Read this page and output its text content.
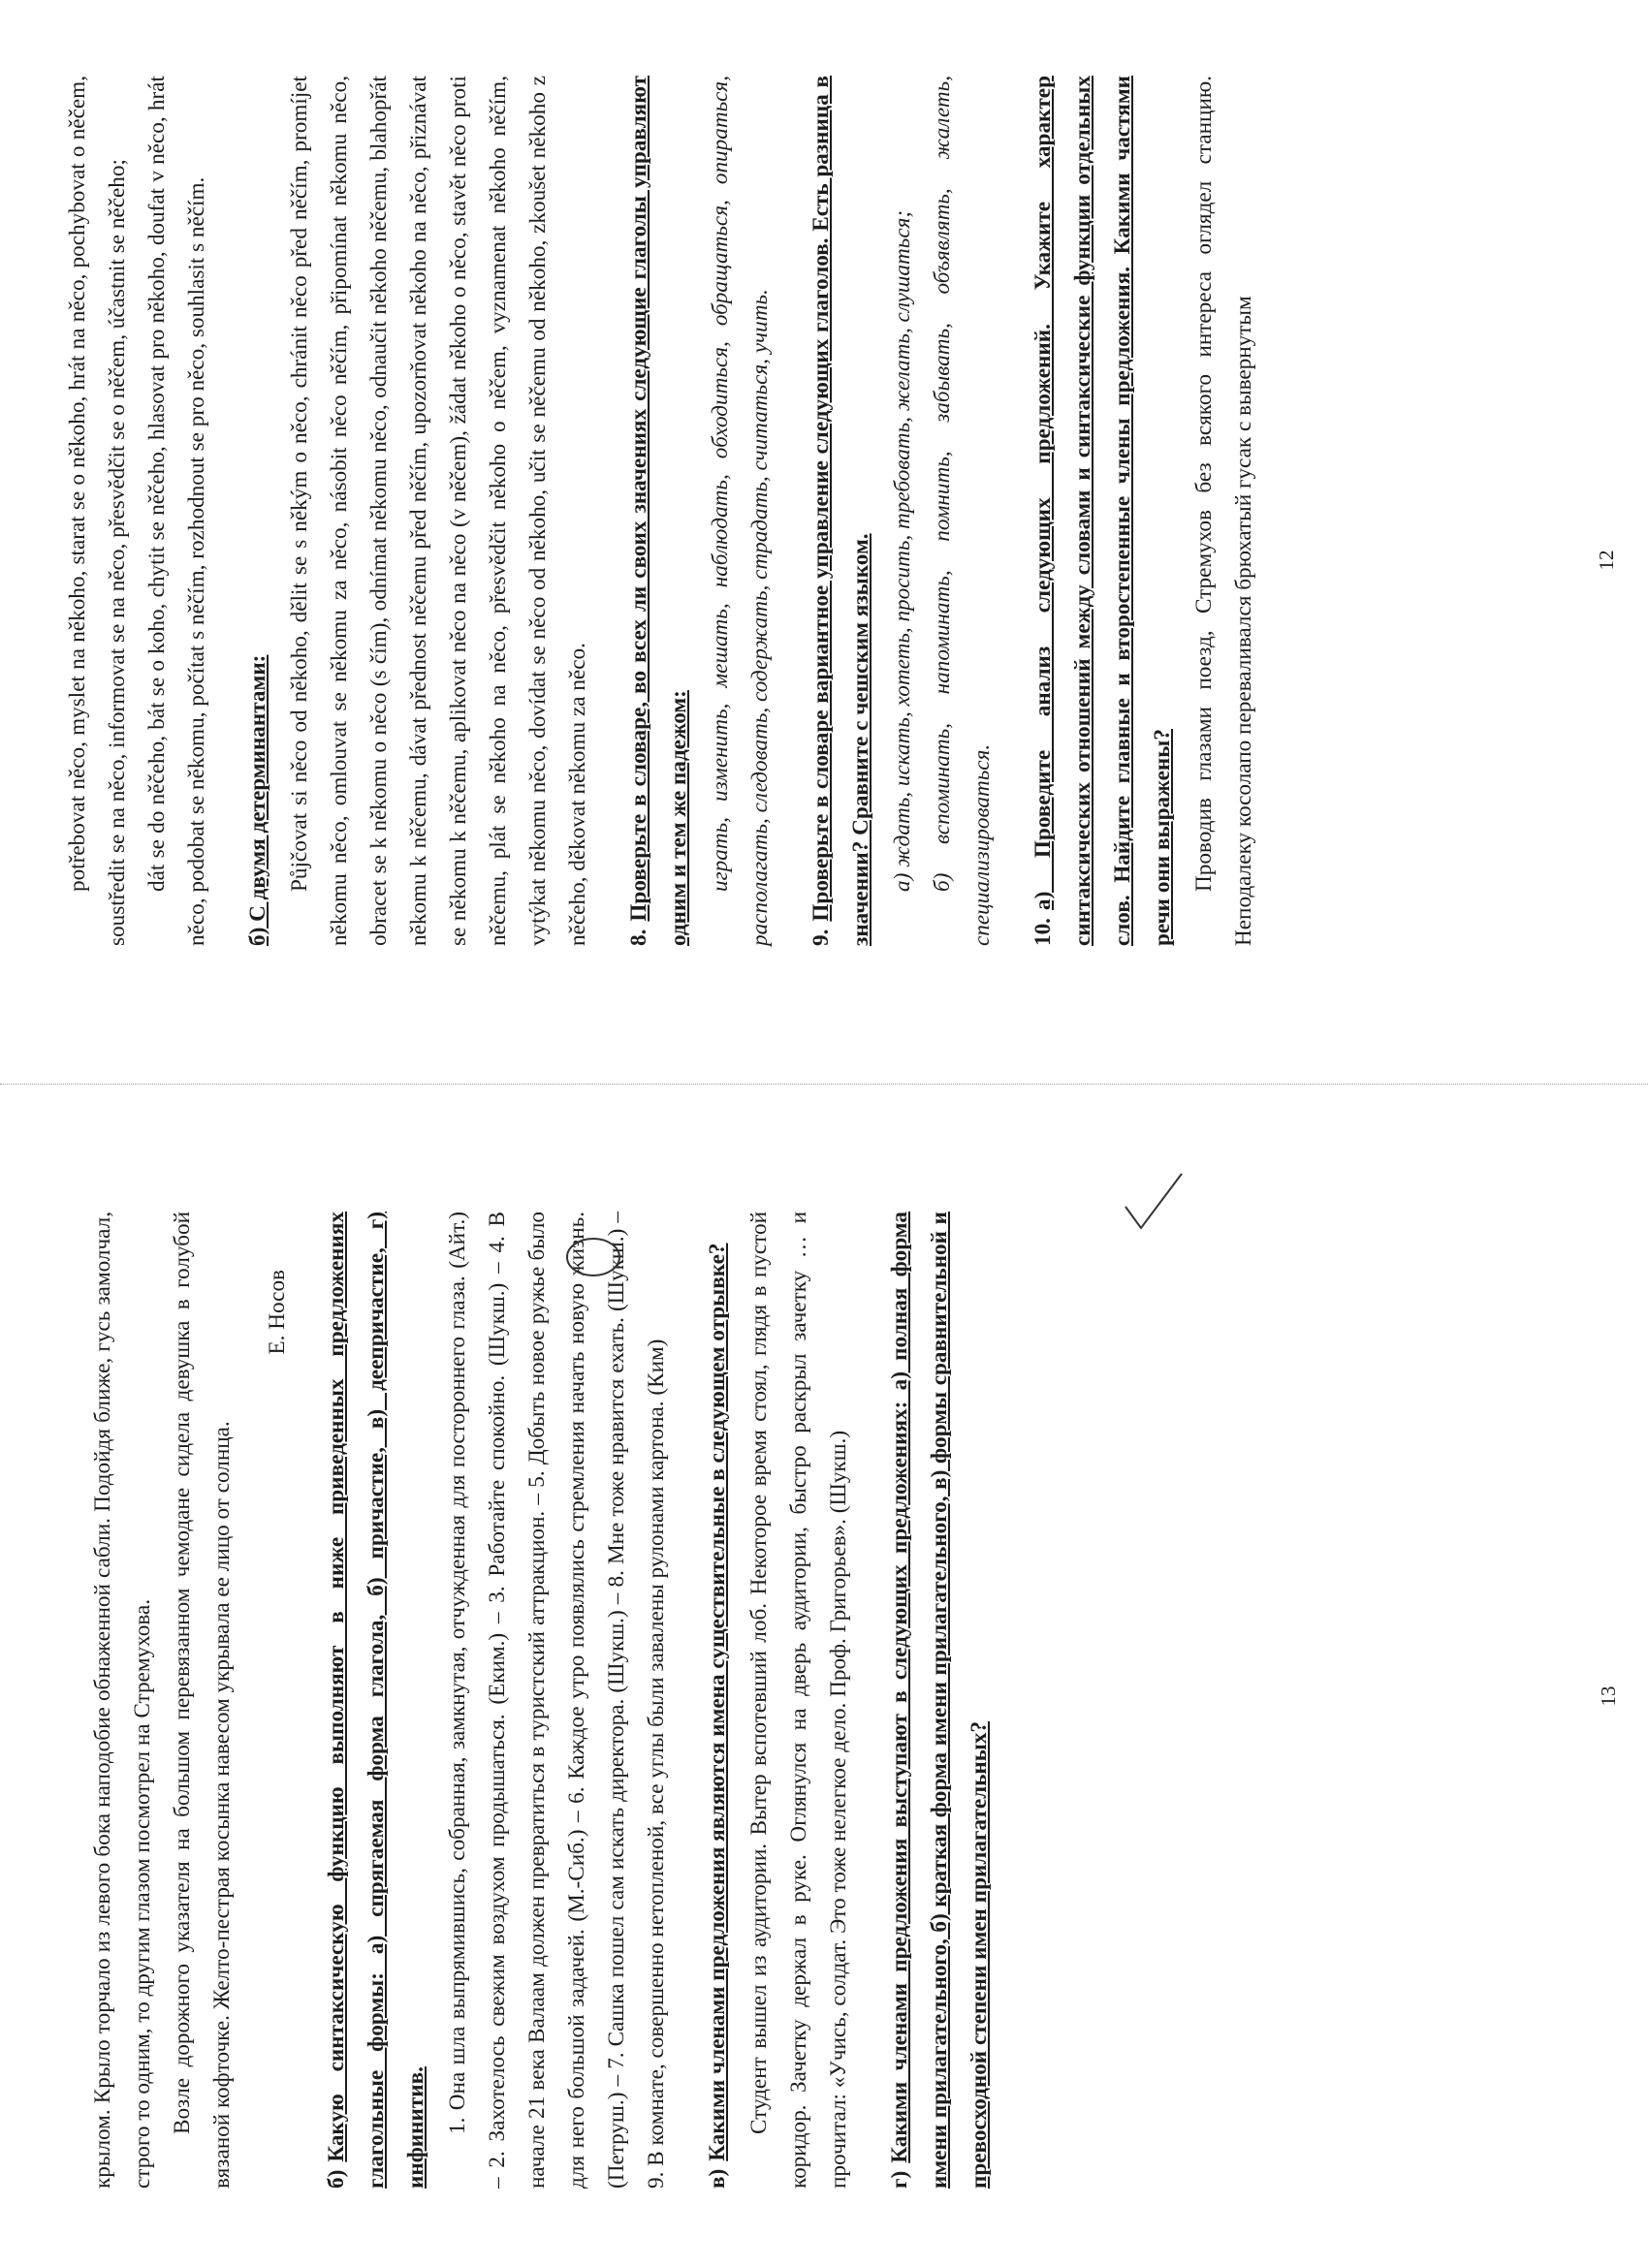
potřebovat něco, myslet na někoho, starat se o někoho, hrát na něco, pochybovat o něčem, soustředit se na něco, informovat se na něco, přesvědčit se o něčem, účastnit se něčeho; dát se do něčeho, bát se o koho, chytit se něčeho, hlasovat pro někoho, doufat v něco, hrát něco, podobat se někomu, počítat s něčím, rozhodnout se pro něco, souhlasit s něčím.	б) С двумя детерминантами: Půjčovat si něco od někoho, dělit se s někým o něco, chránit něco před něčím, promíjet někomu něco, omlouvat se někomu za něco, násobit něco něčím, připomínat někomu něco, obracet se k někomu o něco (s čím), odnímat někomu něco, odnaučit někoho něčemu, blahopřát někomu k něčemu, dávat přednost něčemu před něčím, upozorňovat někoho na něco, přiznávat se někomu k něčemu, aplikovat něco na něco (v něčem), žádat někoho o něco, stavět něco proti něčemu, plát se někoho na něco, přesvědčit někoho o něčem, vyznamenat někoho něčím, vytýkat někomu něco, dovídat se něco od někoho, učit se něčemu od někoho, zkoušet někoho z něčeho, děkovat někomu za něco.	8.Проверьте в словаре, во всех ли своих значениях следующие глаголы управляют одним и тем же падежом: играть, изменить, мешать, наблюдать, обходиться, обращаться, опираться, располагать, следовать, содержать, страдать, считаться, учить.	9.Проверьте в словаре вариантное управление следующих глаголов. Есть разница в значении? Сравните с чешским языком. а) ждать, искать, хотеть, просить, требовать, желать, слушаться; б) вспоминать, напоминать, помнить, забывать, объявлять, жалеть, специализироваться.	10.а) Проведите анализ следующих предложений. Укажите характер синтаксических отношений между словами и синтаксические функции отдельных слов. Найдите главные и второстепенные члены предложения. Какими частями речи они выражены? Проводив глазами поезд, Стремухов без всякого интереса оглядел станцию. Неподалеку косолапо переваливался брюхатый гусак с вывернутым	12

крылом. Крыло торчало из левого бока наподобие обнаженной сабли. Подойдя ближе, гусь замолчал, строго то одним, то другим глазом посмотрел на Стремухова. Возле дорожного указателя на большом перевязанном чемодане сидела девушка в голубой вязаной кофточке. Желто-пестрая косынка навесом укрывала ее лицо от солнца.

Е. Носов

б)Какую синтаксическую функцию выполняют в ниже приведенных предложениях глагольные формы: а) спрягаемая форма глагола, б) причастие, в) деепричастие, г) инфинитив. 1. Она шла выпрямившись, собранная, замкнутая, отчужденная для постороннего глаза. (Айт.) – 2. Захотелось свежим воздухом продышаться. (Еким.) – 3. Работайте спокойно. (Шукш.) – 4. В начале 21 века Валаам должен превратиться в туристский аттракцион. – 5. Добыть новое ружье было для него большой задачей. (М.-Сиб.) – 6. Каждое утро появлялись стремления начать новую жизнь. (Петруш.) – 7. Сашка пошел сам искать директора. (Шукш.) – 8. Мне тоже нравится ехать. (Шукш.) – 9. В комнате, совершенно нетопленой, все углы были завалены рулонами картона. (Ким)	в)Какими членами предложения являются имена существительные в следующем отрывке? Студент вышел из аудитории. Вытер вспотевший лоб. Некоторое время стоял, глядя в пустой коридор. Зачетку держал в руке. Оглянулся на дверь аудитории, быстро раскрыл зачетку … и прочитал: «Учись, солдат. Это тоже нелегкое дело. Проф. Григорьев». (Шукш.)	г)Какими членами предложения выступают в следующих предложениях: а) полная форма имени прилагательного, б) краткая форма имени прилагательного, в) формы сравнительной и превосходной степени имен прилагательных?

13
